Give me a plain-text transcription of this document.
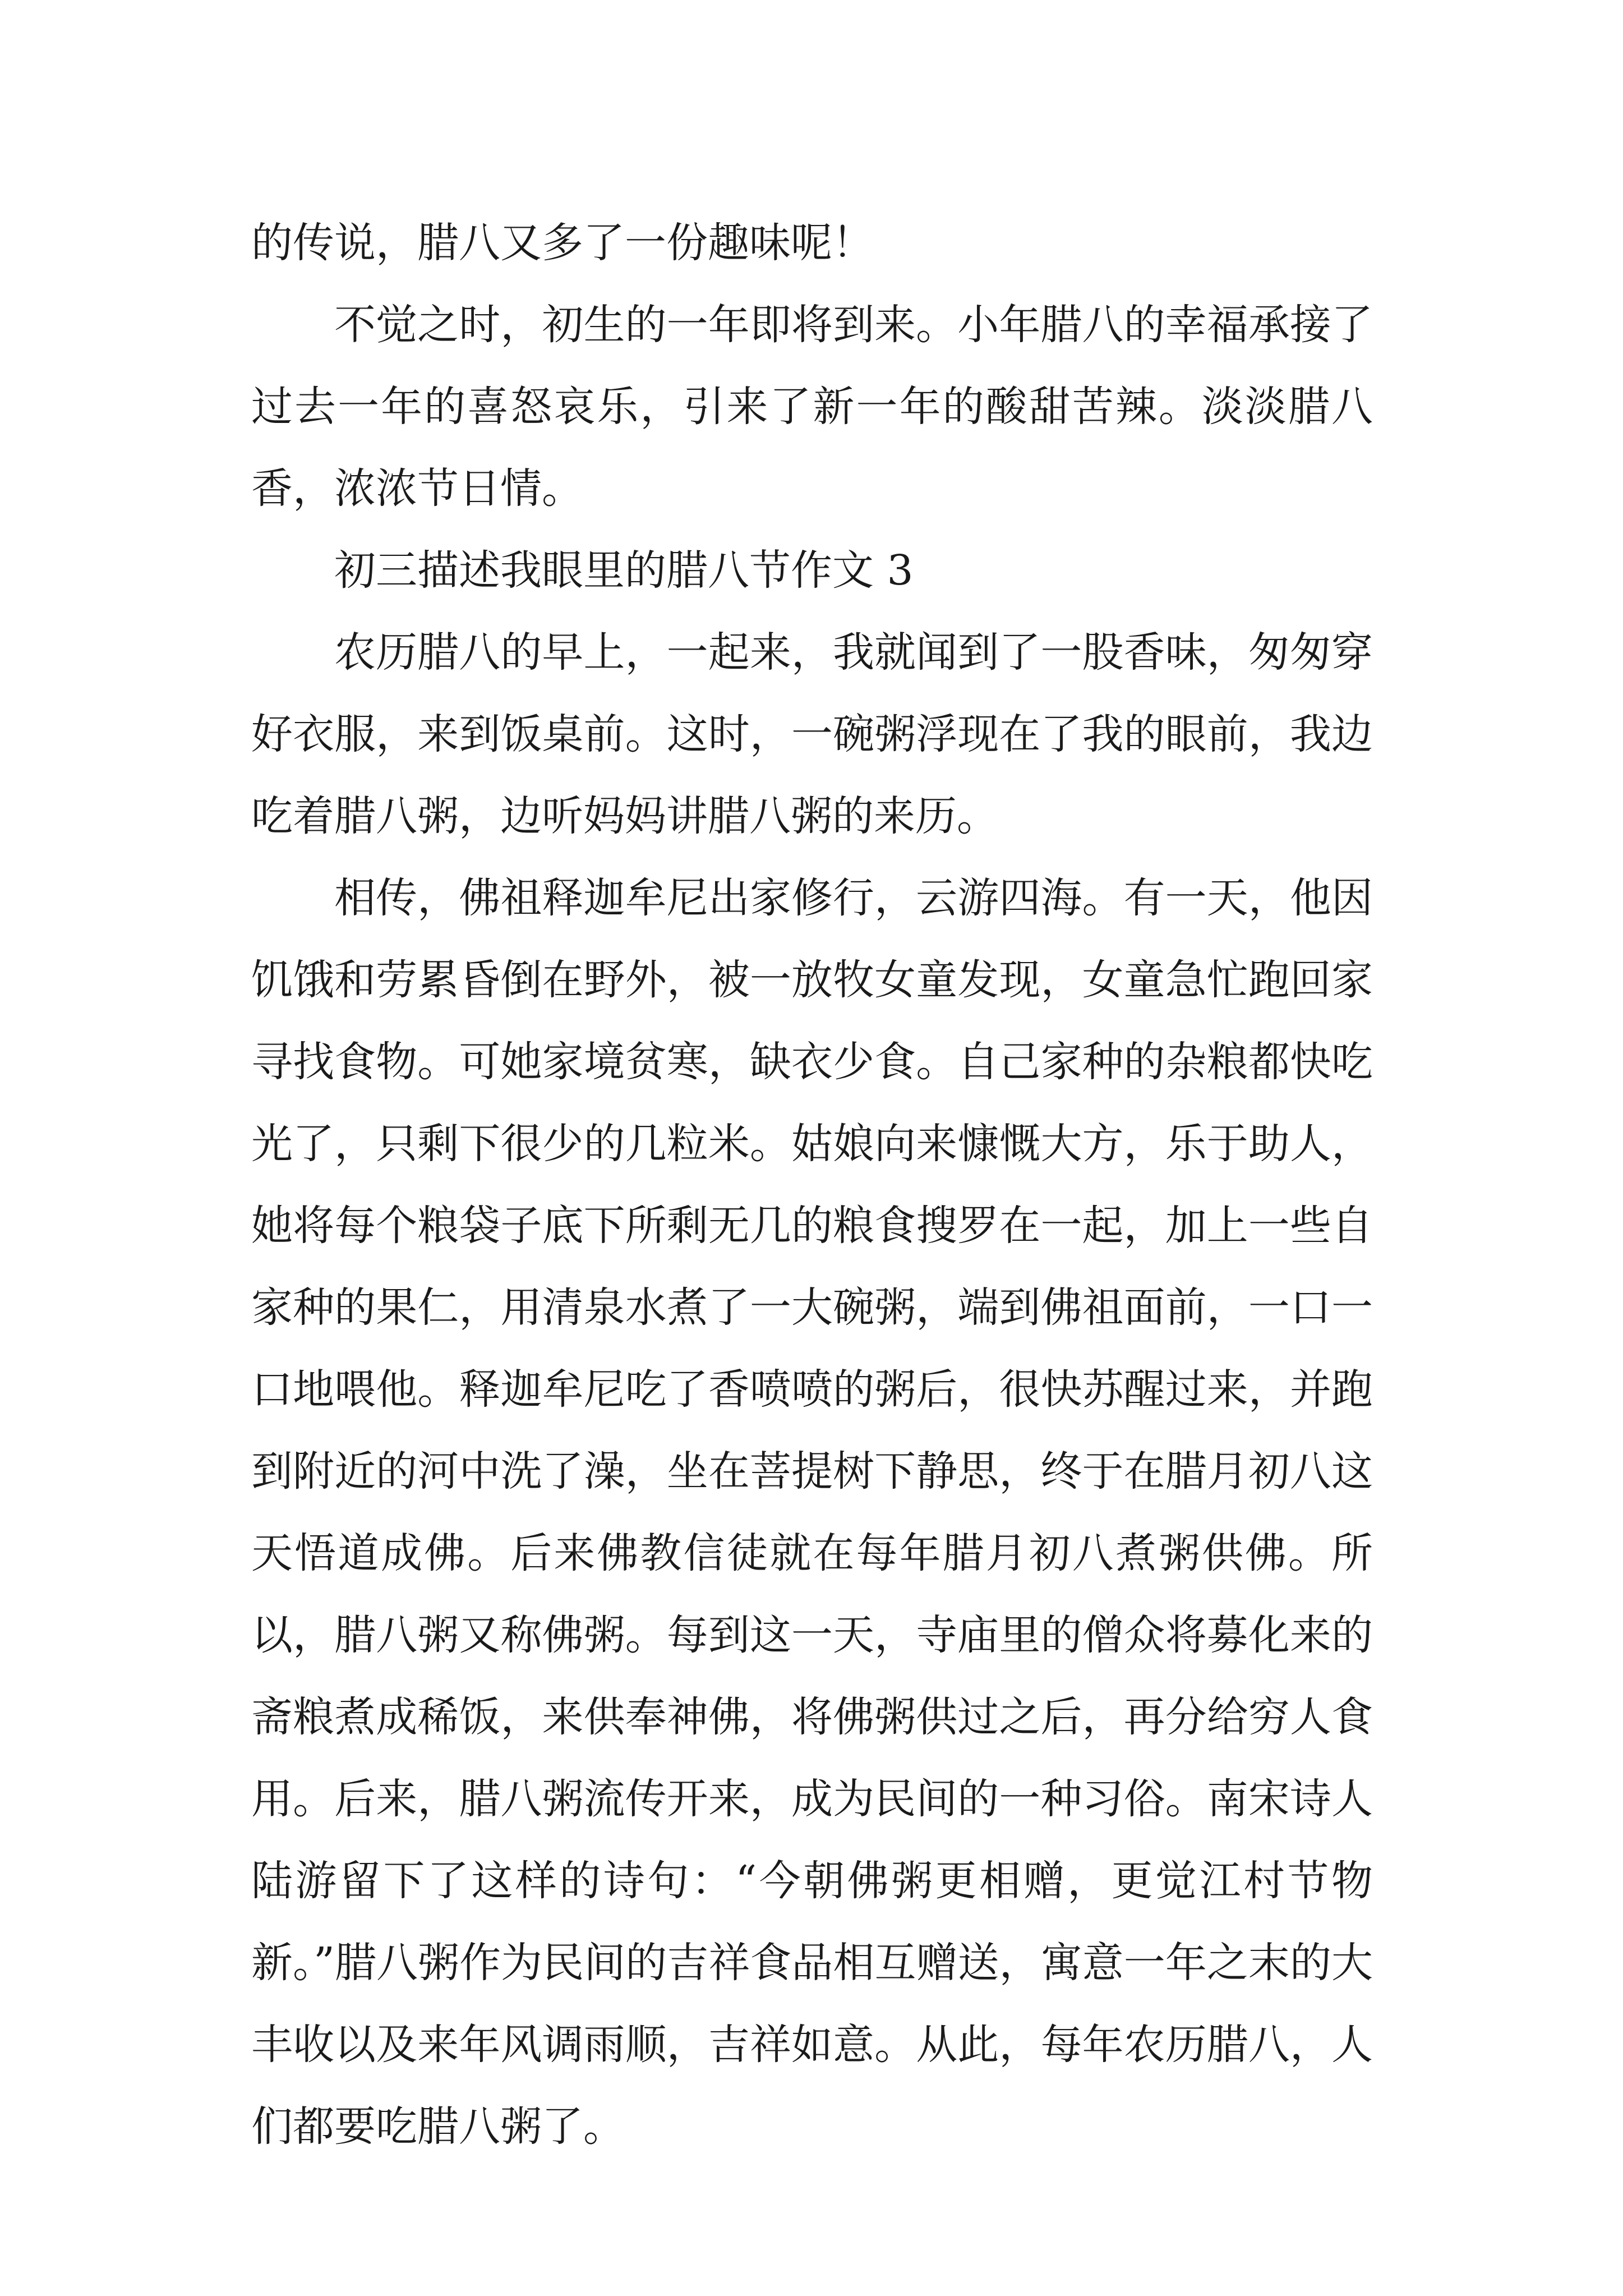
的传说，腊八又多了一份趣味呢！

不觉之时，初生的一年即将到来。小年腊八的幸福承接了过去一年的喜怒哀乐，引来了新一年的酸甜苦辣。淡淡腊八香，浓浓节日情。

初三描述我眼里的腊八节作文 3

农历腊八的早上，一起来，我就闻到了一股香味，匆匆穿好衣服，来到饭桌前。这时，一碗粥浮现在了我的眼前，我边吃着腊八粥，边听妈妈讲腊八粥的来历。

相传，佛祖释迦牟尼出家修行，云游四海。有一天，他因饥饿和劳累昏倒在野外，被一放牧女童发现，女童急忙跑回家寻找食物。可她家境贫寒，缺衣少食。自己家种的杂粮都快吃光了，只剩下很少的几粒米。姑娘向来慷慨大方，乐于助人，她将每个粮袋子底下所剩无几的粮食搜罗在一起，加上一些自家种的果仁，用清泉水煮了一大碗粥，端到佛祖面前，一口一口地喂他。释迦牟尼吃了香喷喷的粥后，很快苏醒过来，并跑到附近的河中洗了澡，坐在菩提树下静思，终于在腊月初八这天悟道成佛。后来佛教信徒就在每年腊月初八煮粥供佛。所以，腊八粥又称佛粥。每到这一天，寺庙里的僧众将募化来的斋粮煮成稀饭，来供奉神佛，将佛粥供过之后，再分给穷人食用。后来，腊八粥流传开来，成为民间的一种习俗。南宋诗人陆游留下了这样的诗句：“今朝佛粥更相赠，更觉江村节物新。”腊八粥作为民间的吉祥食品相互赠送，寓意一年之末的大丰收以及来年风调雨顺，吉祥如意。从此，每年农历腊八，人们都要吃腊八粥了。
